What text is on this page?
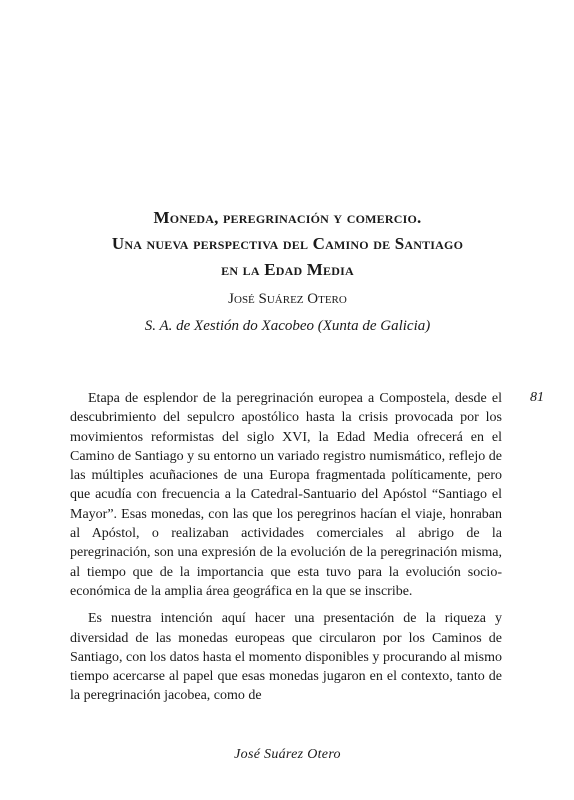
Moneda, peregrinación y comercio.
Una nueva perspectiva del Camino de Santiago
en la Edad Media
José Suárez Otero
S. A. de Xestión do Xacobeo (Xunta de Galicia)
81

Etapa de esplendor de la peregrinación europea a Compostela, desde el descubrimiento del sepulcro apostólico hasta la crisis provocada por los movimientos reformistas del siglo XVI, la Edad Media ofrecerá en el Camino de Santiago y su entorno un variado registro numismático, reflejo de las múltiples acuñaciones de una Europa fragmentada políticamente, pero que acudía con frecuencia a la Catedral-Santuario del Apóstol “Santiago el Mayor”. Esas monedas, con las que los peregrinos hacían el viaje, honraban al Apóstol, o realizaban actividades comerciales al abrigo de la peregrinación, son una expresión de la evolución de la peregrinación misma, al tiempo que de la importancia que esta tuvo para la evolución socio-económica de la amplia área geográfica en la que se inscribe.

Es nuestra intención aquí hacer una presentación de la riqueza y diversidad de las monedas europeas que circularon por los Caminos de Santiago, con los datos hasta el momento disponibles y procurando al mismo tiempo acercarse al papel que esas monedas jugaron en el contexto, tanto de la peregrinación jacobea, como de

José Suárez Otero
